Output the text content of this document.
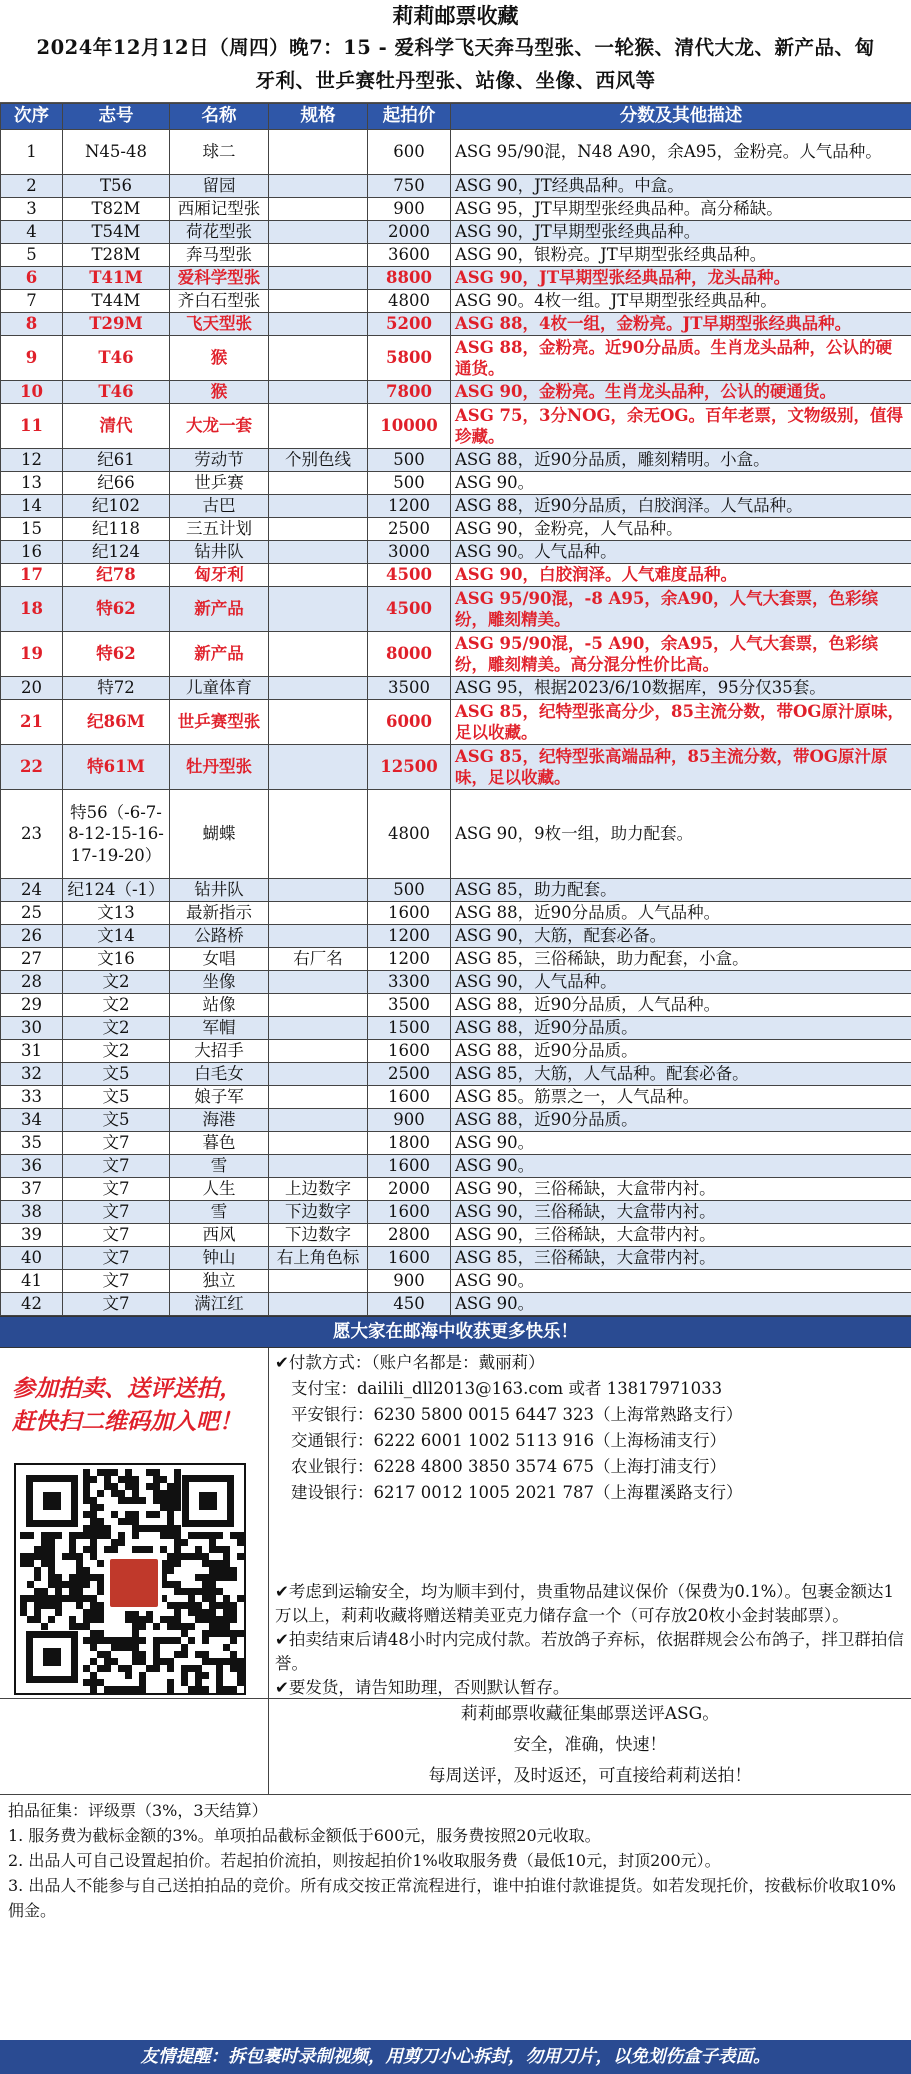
莉莉邮票收藏
2024年12月12日（周四）晚7：15 - 爱科学飞天奔马型张、一轮猴、清代大龙、新产品、匈
牙利、世乒赛牡丹型张、站像、坐像、西风等
次序	志号	名称	规格	起拍价	分数及其他描述
1	N45-48	球二		600	ASG 95/90混，N48 A90，余A95，金粉亮。人气品种。
2	T56	留园		750	ASG 90，JT经典品种。中盒。
3	T82M	西厢记型张		900	ASG 95，JT早期型张经典品种。高分稀缺。
4	T54M	荷花型张		2000	ASG 90，JT早期型张经典品种。
5	T28M	奔马型张		3600	ASG 90，银粉亮。JT早期型张经典品种。
6	T41M	爱科学型张		8800	ASG 90，JT早期型张经典品种，龙头品种。
7	T44M	齐白石型张		4800	ASG 90。4枚一组。JT早期型张经典品种。
8	T29M	飞天型张		5200	ASG 88，4枚一组，金粉亮。JT早期型张经典品种。
9	T46	猴		5800	ASG 88，金粉亮。近90分品质。生肖龙头品种，公认的硬通货。
10	T46	猴		7800	ASG 90，金粉亮。生肖龙头品种，公认的硬通货。
11	清代	大龙一套		10000	ASG 75，3分NOG，余无OG。百年老票，文物级别，值得珍藏。
12	纪61	劳动节	个别色线	500	ASG 88，近90分品质，雕刻精明。小盒。
13	纪66	世乒赛		500	ASG 90。
14	纪102	古巴		1200	ASG 88，近90分品质，白胶润泽。人气品种。
15	纪118	三五计划		2500	ASG 90，金粉亮，人气品种。
16	纪124	钻井队		3000	ASG 90。人气品种。
17	纪78	匈牙利		4500	ASG 90，白胶润泽。人气难度品种。
18	特62	新产品		4500	ASG 95/90混，-8 A95，余A90，人气大套票，色彩缤纷，雕刻精美。
19	特62	新产品		8000	ASG 95/90混，-5 A90，余A95，人气大套票，色彩缤纷，雕刻精美。高分混分性价比高。
20	特72	儿童体育		3500	ASG 95，根据2023/6/10数据库，95分仅35套。
21	纪86M	世乒赛型张		6000	ASG 85，纪特型张高分少，85主流分数，带OG原汁原味，足以收藏。
22	特61M	牡丹型张		12500	ASG 85，纪特型张高端品种，85主流分数，带OG原汁原味，足以收藏。
23	特56（-6-7-8-12-15-16-17-19-20）	蝴蝶		4800	ASG 90，9枚一组，助力配套。
24	纪124（-1）	钻井队		500	ASG 85，助力配套。
25	文13	最新指示		1600	ASG 88，近90分品质。人气品种。
26	文14	公路桥		1200	ASG 90，大筋，配套必备。
27	文16	女唱	右厂名	1200	ASG 85，三俗稀缺，助力配套，小盒。
28	文2	坐像		3300	ASG 90，人气品种。
29	文2	站像		3500	ASG 88，近90分品质，人气品种。
30	文2	军帽		1500	ASG 88，近90分品质。
31	文2	大招手		1600	ASG 88，近90分品质。
32	文5	白毛女		2500	ASG 85，大筋，人气品种。配套必备。
33	文5	娘子军		1600	ASG 85。筋票之一，人气品种。
34	文5	海港		900	ASG 88，近90分品质。
35	文7	暮色		1800	ASG 90。
36	文7	雪		1600	ASG 90。
37	文7	人生	上边数字	2000	ASG 90，三俗稀缺，大盒带内衬。
38	文7	雪	下边数字	1600	ASG 90，三俗稀缺，大盒带内衬。
39	文7	西风	下边数字	2800	ASG 90，三俗稀缺，大盒带内衬。
40	文7	钟山	右上角色标	1600	ASG 85，三俗稀缺，大盒带内衬。
41	文7	独立		900	ASG 90。
42	文7	满江红		450	ASG 90。
愿大家在邮海中收获更多快乐！
参加拍卖、送评送拍，
赶快扫二维码加入吧！
✔付款方式：（账户名都是：戴丽莉）
支付宝：dailili_dll2013@163.com 或者 13817971033
平安银行：6230 5800 0015 6447 323（上海常熟路支行）
交通银行：6222 6001 1002 5113 916（上海杨浦支行）
农业银行：6228 4800 3850 3574 675（上海打浦支行）
建设银行：6217 0012 1005 2021 787（上海瞿溪路支行）
✔考虑到运输安全，均为顺丰到付，贵重物品建议保价（保费为0.1%）。包裹金额达1万以上，莉莉收藏将赠送精美亚克力储存盒一个（可存放20枚小金封装邮票）。
✔拍卖结束后请48小时内完成付款。若放鸽子弃标，依据群规会公布鸽子，拌卫群拍信誉。
✔要发货，请告知助理，否则默认暂存。
莉莉邮票收藏征集邮票送评ASG。
安全，准确，快速！
每周送评，及时返还，可直接给莉莉送拍！
拍品征集：评级票（3%，3天结算）
1. 服务费为截标金额的3%。单项拍品截标金额低于600元，服务费按照20元收取。
2. 出品人可自己设置起拍价。若起拍价流拍，则按起拍价1%收取服务费（最低10元，封顶200元）。
3. 出品人不能参与自己送拍拍品的竞价。所有成交按正常流程进行，谁中拍谁付款谁提货。如若发现托价，按截标价收取10%佣金。
友情提醒：拆包裹时录制视频，用剪刀小心拆封，勿用刀片，以免划伤盒子表面。
